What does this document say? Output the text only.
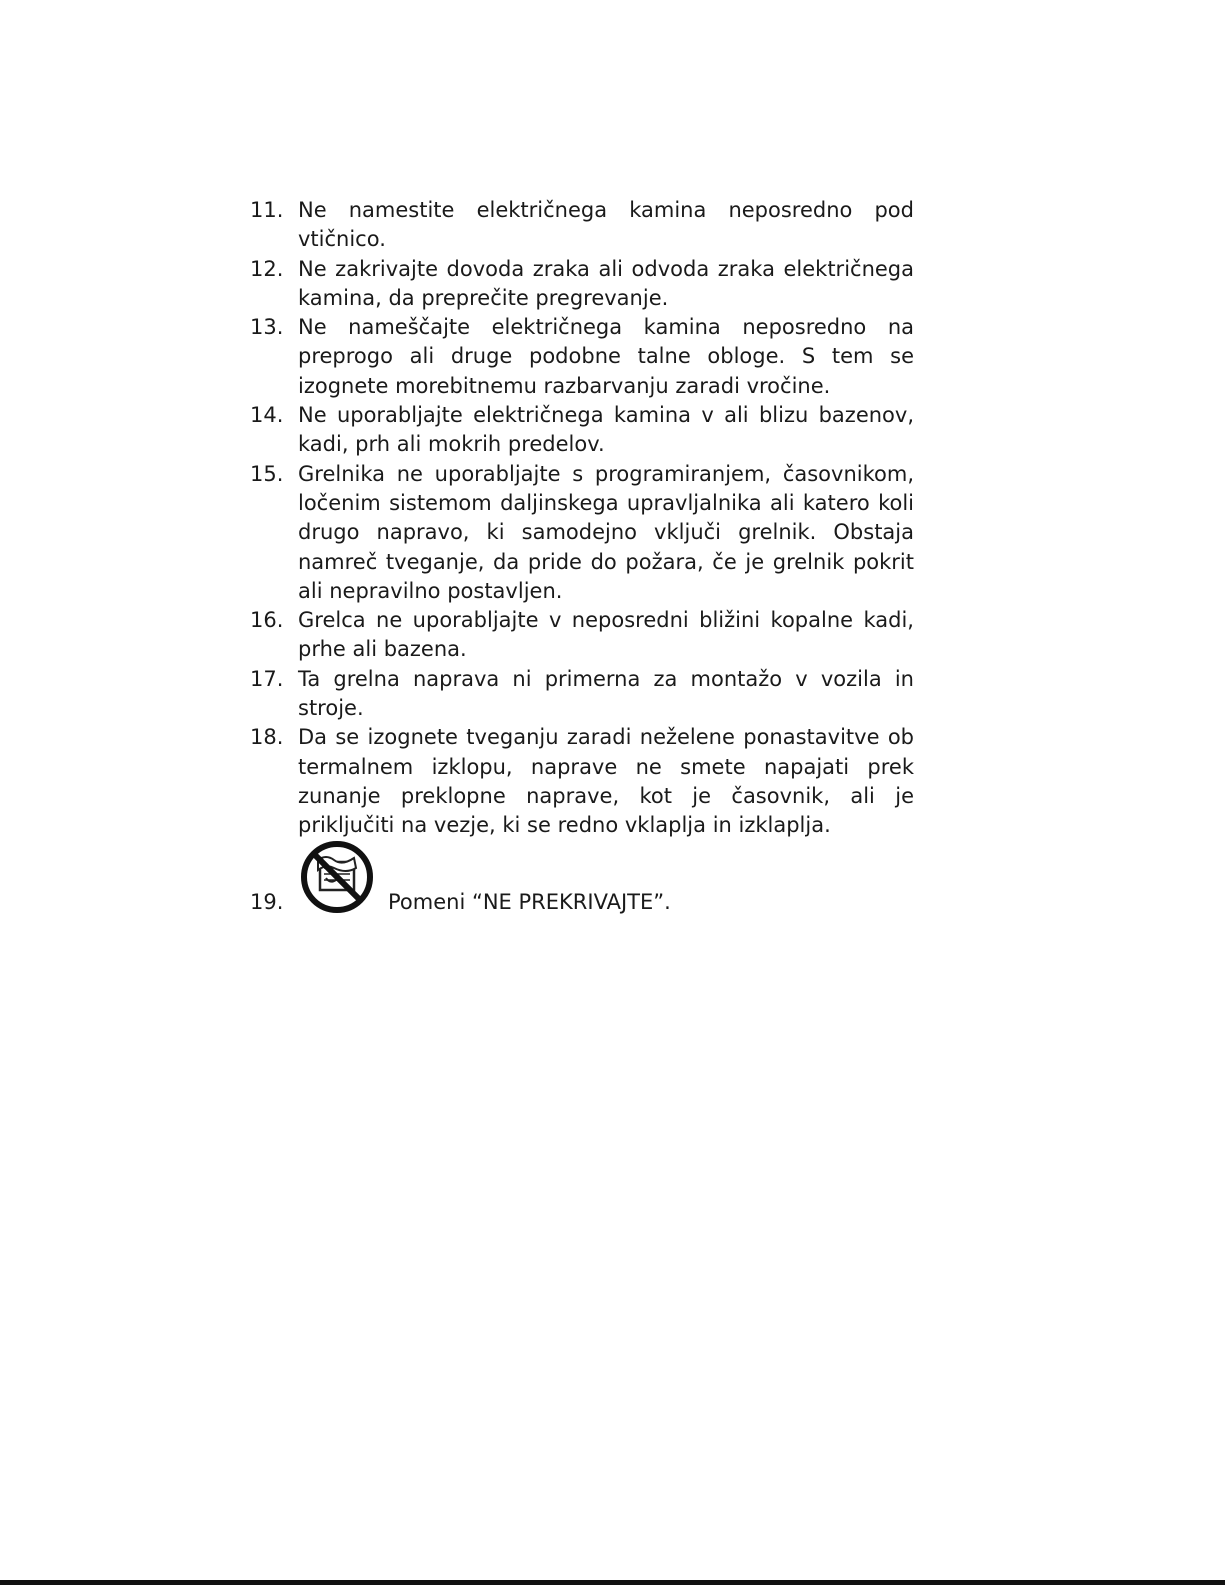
11. Ne namestite električnega kamina neposredno pod vtičnico.
12. Ne zakrivajte dovoda zraka ali odvoda zraka električnega kamina, da preprečite pregrevanje.
13. Ne nameščajte električnega kamina neposredno na preprogo ali druge podobne talne obloge. S tem se izognete morebitnemu razbarvanju zaradi vročine.
14. Ne uporabljajte električnega kamina v ali blizu bazenov, kadi, prh ali mokrih predelov.
15. Grelnika ne uporabljajte s programiranjem, časovnikom, ločenim sistemom daljinskega upravljalnika ali katero koli drugo napravo, ki samodejno vključi grelnik. Obstaja namreč tveganje, da pride do požara, če je grelnik pokrit ali nepravilno postavljen.
16. Grelca ne uporabljajte v neposredni bližini kopalne kadi, prhe ali bazena.
17. Ta grelna naprava ni primerna za montažo v vozila in stroje.
18. Da se izognete tveganju zaradi neželene ponastavitve ob termalnem izklopu, naprave ne smete napajati prek zunanje preklopne naprave, kot je časovnik, ali je priključiti na vezje, ki se redno vklaplja in izklaplja.
19.	Pomeni “NE PREKRIVAJTE”.
